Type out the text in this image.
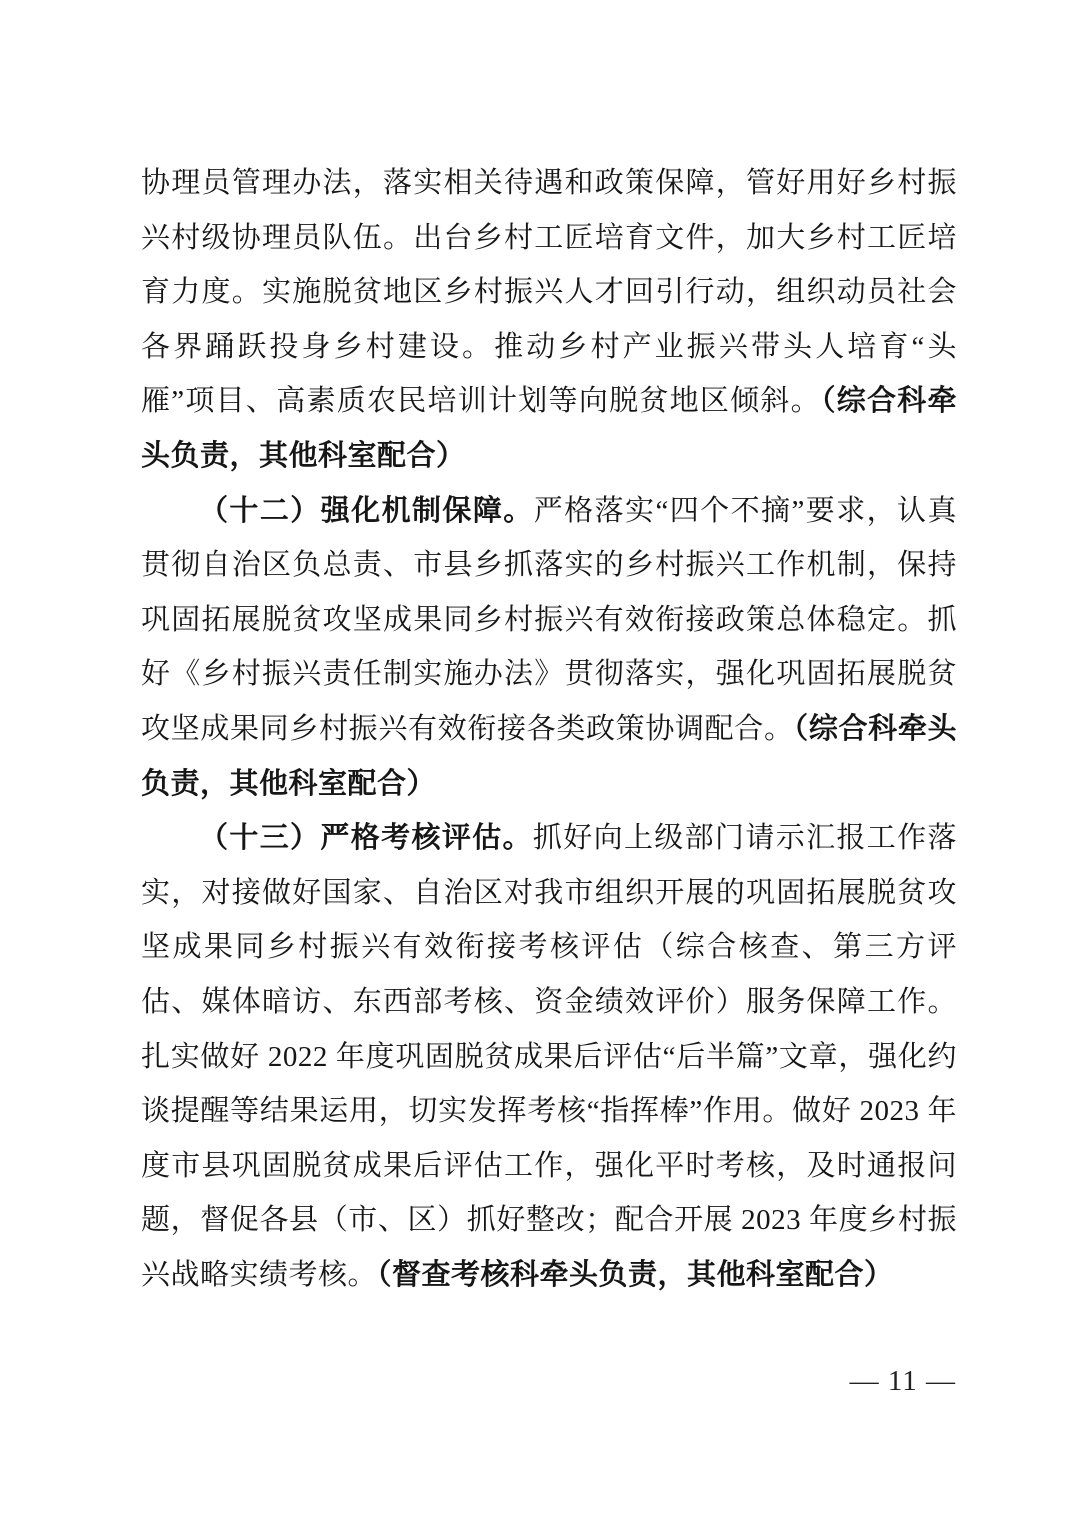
协理员管理办法，落实相关待遇和政策保障，管好用好乡村振兴村级协理员队伍。出台乡村工匠培育文件，加大乡村工匠培育力度。实施脱贫地区乡村振兴人才回引行动，组织动员社会各界踊跃投身乡村建设。推动乡村产业振兴带头人培育“头雁”项目、高素质农民培训计划等向脱贫地区倾斜。（综合科牵头负责，其他科室配合）

（十二）强化机制保障。严格落实“四个不摘”要求，认真贯彻自治区负总责、市县乡抓落实的乡村振兴工作机制，保持巩固拓展脱贫攻坚成果同乡村振兴有效衔接政策总体稳定。抓好《乡村振兴责任制实施办法》贯彻落实，强化巩固拓展脱贫攻坚成果同乡村振兴有效衔接各类政策协调配合。（综合科牵头负责，其他科室配合）

（十三）严格考核评估。抓好向上级部门请示汇报工作落实，对接做好国家、自治区对我市组织开展的巩固拓展脱贫攻坚成果同乡村振兴有效衔接考核评估（综合核查、第三方评估、媒体暗访、东西部考核、资金绩效评价）服务保障工作。扎实做好 2022 年度巩固脱贫成果后评估“后半篇”文章，强化约谈提醒等结果运用，切实发挥考核“指挥棒”作用。做好 2023 年度市县巩固脱贫成果后评估工作，强化平时考核，及时通报问题，督促各县（市、区）抓好整改；配合开展 2023 年度乡村振兴战略实绩考核。（督查考核科牵头负责，其他科室配合）

— 11 —
